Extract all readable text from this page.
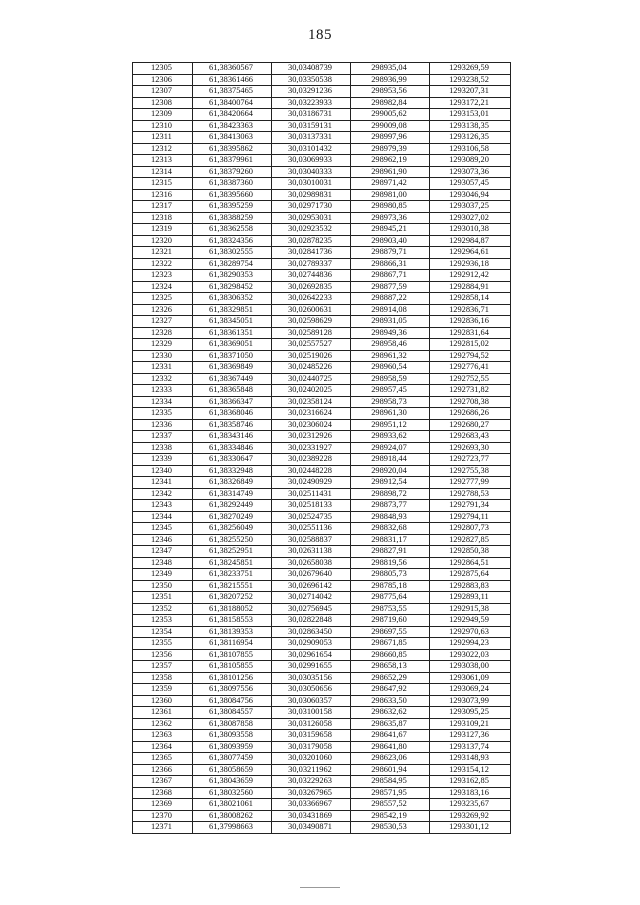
185
12305	61,38360567	30,03408739	298935,04	1293269,59
12306	61,38361466	30,03350538	298936,99	1293238,52
12307	61,38375465	30,03291236	298953,56	1293207,31
12308	61,38400764	30,03223933	298982,84	1293172,21
12309	61,38420664	30,03186731	299005,62	1293153,01
12310	61,38423363	30,03159131	299009,08	1293138,35
12311	61,38413063	30,03137331	298997,96	1293126,35
12312	61,38395862	30,03101432	298979,39	1293106,58
12313	61,38379961	30,03069933	298962,19	1293089,20
12314	61,38379260	30,03040333	298961,90	1293073,36
12315	61,38387360	30,03010031	298971,42	1293057,45
12316	61,38395660	30,02989831	298981,00	1293046,94
12317	61,38395259	30,02971730	298980,85	1293037,25
12318	61,38388259	30,02953031	298973,36	1293027,02
12319	61,38362558	30,02923532	298945,21	1293010,38
12320	61,38324356	30,02878235	298903,40	1292984,87
12321	61,38302555	30,02841736	298879,71	1292964,61
12322	61,38289754	30,02789337	298866,31	1292936,18
12323	61,38290353	30,02744836	298867,71	1292912,42
12324	61,38298452	30,02692835	298877,59	1292884,91
12325	61,38306352	30,02642233	298887,22	1292858,14
12326	61,38329851	30,02600631	298914,08	1292836,71
12327	61,38345051	30,02598629	298931,05	1292836,16
12328	61,38361351	30,02589128	298949,36	1292831,64
12329	61,38369051	30,02557527	298958,46	1292815,02
12330	61,38371050	30,02519026	298961,32	1292794,52
12331	61,38369849	30,02485226	298960,54	1292776,41
12332	61,38367449	30,02440725	298958,59	1292752,55
12333	61,38365848	30,02402025	298957,45	1292731,82
12334	61,38366347	30,02358124	298958,73	1292708,38
12335	61,38368046	30,02316624	298961,30	1292686,26
12336	61,38358746	30,02306024	298951,12	1292680,27
12337	61,38343146	30,02312926	298933,62	1292683,43
12338	61,38334846	30,02331927	298924,07	1292693,30
12339	61,38330647	30,02389228	298918,44	1292723,77
12340	61,38332948	30,02448228	298920,04	1292755,38
12341	61,38326849	30,02490929	298912,54	1292777,99
12342	61,38314749	30,02511431	298898,72	1292788,53
12343	61,38292449	30,02518133	298873,77	1292791,34
12344	61,38270249	30,02524735	298848,93	1292794,11
12345	61,38256049	30,02551136	298832,68	1292807,73
12346	61,38255250	30,02588837	298831,17	1292827,85
12347	61,38252951	30,02631138	298827,91	1292850,38
12348	61,38245851	30,02658038	298819,56	1292864,51
12349	61,38233751	30,02679640	298805,73	1292875,64
12350	61,38215551	30,02696142	298785,18	1292883,83
12351	61,38207252	30,02714042	298775,64	1292893,11
12352	61,38188052	30,02756945	298753,55	1292915,38
12353	61,38158553	30,02822848	298719,60	1292949,59
12354	61,38139353	30,02863450	298697,55	1292970,63
12355	61,38116954	30,02909053	298671,85	1292994,23
12356	61,38107855	30,02961654	298660,85	1293022,03
12357	61,38105855	30,02991655	298658,13	1293038,00
12358	61,38101256	30,03035156	298652,29	1293061,09
12359	61,38097556	30,03050656	298647,92	1293069,24
12360	61,38084756	30,03060357	298633,50	1293073,99
12361	61,38084557	30,03100158	298632,62	1293095,25
12362	61,38087858	30,03126058	298635,87	1293109,21
12363	61,38093558	30,03159658	298641,67	1293127,36
12364	61,38093959	30,03179058	298641,80	1293137,74
12365	61,38077459	30,03201060	298623,06	1293148,93
12366	61,38058659	30,03211962	298601,94	1293154,12
12367	61,38043659	30,03229263	298584,95	1293162,85
12368	61,38032560	30,03267965	298571,95	1293183,16
12369	61,38021061	30,03366967	298557,52	1293235,67
12370	61,38008262	30,03431869	298542,19	1293269,92
12371	61,37998663	30,03490871	298530,53	1293301,12
